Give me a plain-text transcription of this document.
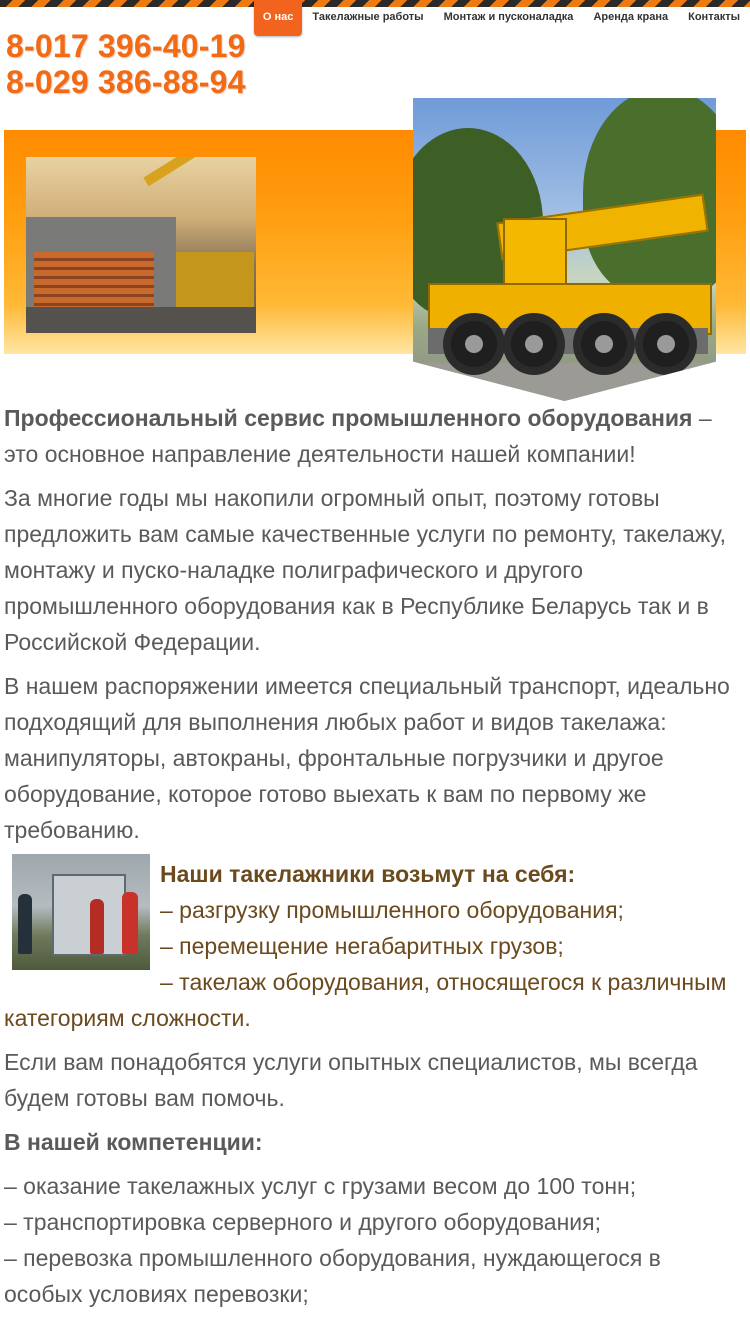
О нас	Такелажные работы	Монтаж и пусконаладка	Аренда крана	Контакты
8-017 396-40-19
8-029 386-88-94

Профессиональный сервис промышленного оборудования – это основное направление деятельности нашей компании!

За многие годы мы накопили огромный опыт, поэтому готовы предложить вам самые качественные услуги по ремонту, такелажу, монтажу и пуско-наладке полиграфического и другого промышленного оборудования как в Республике Беларусь так и в Российской Федерации.

В нашем распоряжении имеется специальный транспорт, идеально подходящий для выполнения любых работ и видов такелажа: манипуляторы, автокраны, фронтальные погрузчики и другое оборудование, которое готово выехать к вам по первому же требованию.

Наши такелажники возьмут на себя:
– разгрузку промышленного оборудования;
– перемещение негабаритных грузов;
– такелаж оборудования, относящегося к различным категориям сложности.

Если вам понадобятся услуги опытных специалистов, мы всегда будем готовы вам помочь.

В нашей компетенции:

– оказание такелажных услуг с грузами весом до 100 тонн;
– транспортировка серверного и другого оборудования;
– перевозка промышленного оборудования, нуждающегося в особых условиях перевозки;
